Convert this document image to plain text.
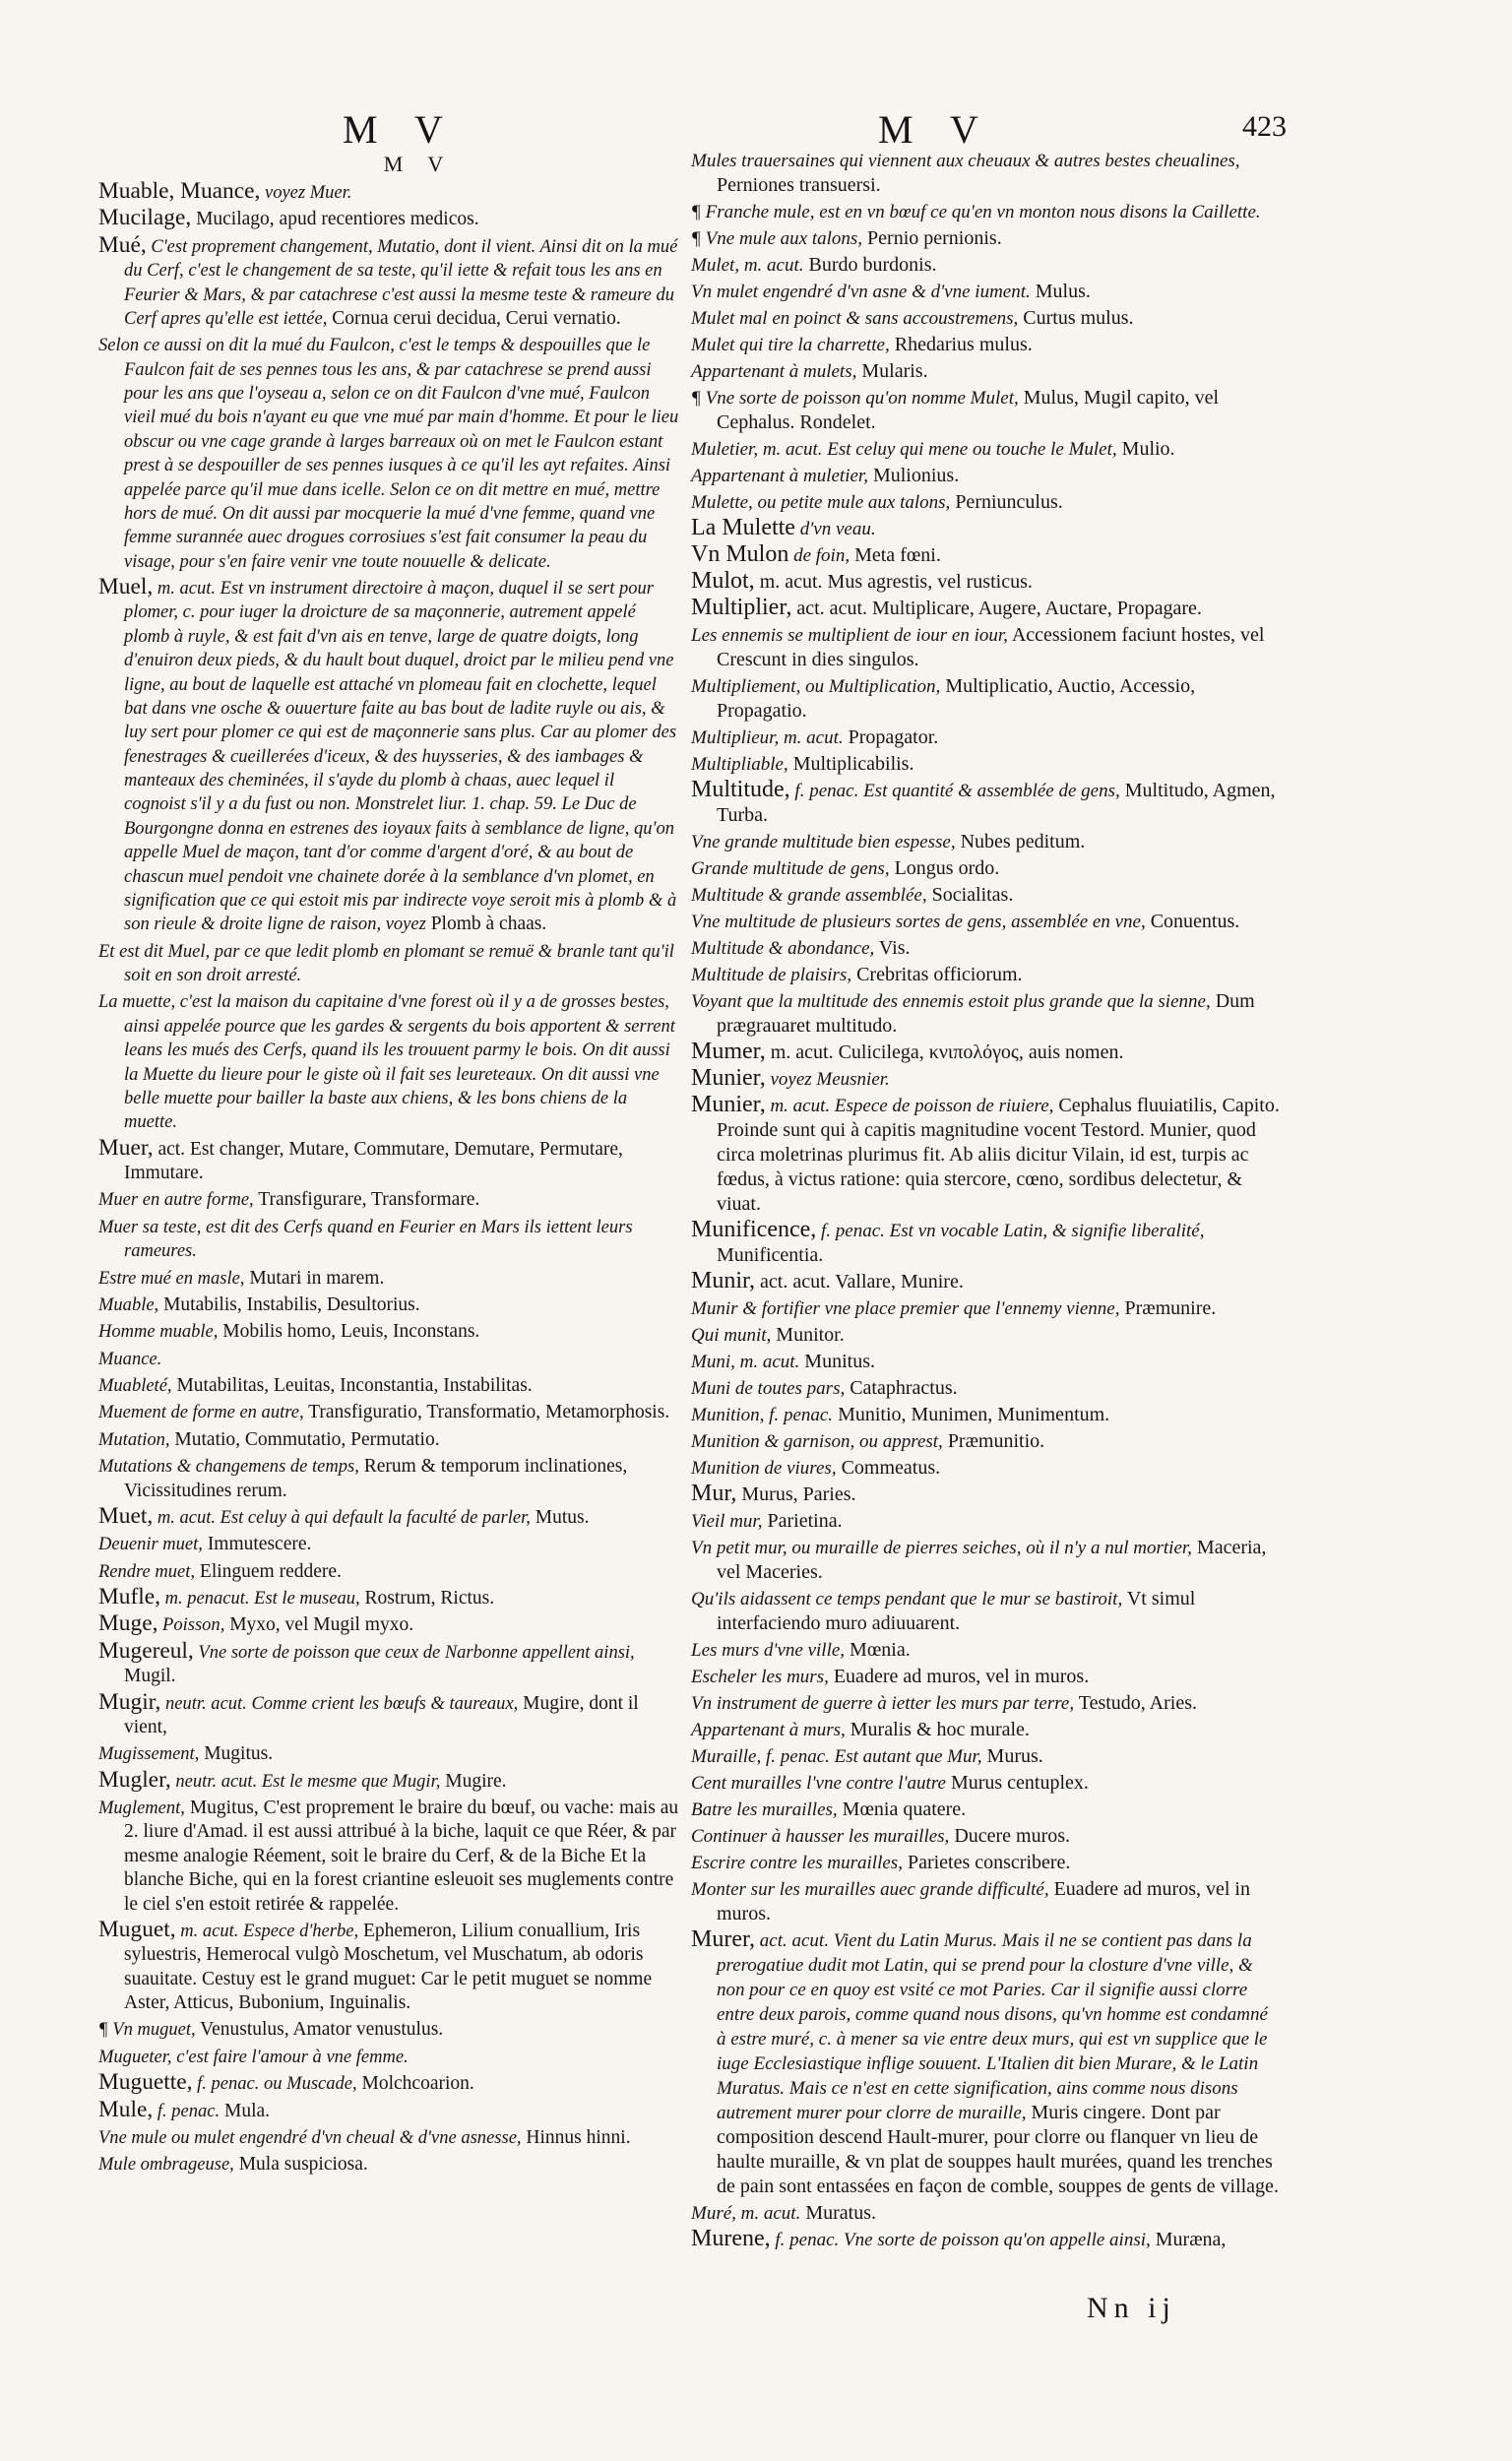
M V	M V	423
M V

Muable, Muance, voyez Muer.

Mucilage, Mucilago, apud recentiores medicos.

Mué, C'est proprement changement, Mutatio, dont il vient. Ainsi dit on la mué du Cerf, c'est le changement de sa teste, qu'il iette & refait tous les ans en Feurier & Mars, & par catachrese c'est aussi la mesme teste & rameure du Cerf apres qu'elle est iettée, Cornua cerui decidua, Cerui vernatio.

Selon ce aussi on dit la mué du Faulcon, c'est le temps & despouilles que le Faulcon fait de ses pennes tous les ans, & par catachrese se prend aussi pour les ans que l'oyseau a, selon ce on dit Faulcon d'vne mué, Faulcon vieil mué du bois n'ayant eu que vne mué par main d'homme. Et pour le lieu obscur ou vne cage grande à larges barreaux où on met le Faulcon estant prest à se despouiller de ses pennes iusques à ce qu'il les ayt refaites. Ainsi appelée parce qu'il mue dans icelle. Selon ce on dit mettre en mué, mettre hors de mué. On dit aussi par mocquerie la mué d'vne femme, quand vne femme surannée auec drogues corrosiues s'est fait consumer la peau du visage, pour s'en faire venir vne toute nouuelle & delicate.

Muel, m. acut. Est vn instrument directoire à maçon, duquel il se sert pour plomer, c. pour iuger la droicture de sa maçonnerie, autrement appelé plomb à ruyle, & est fait d'vn ais en tenve, large de quatre doigts, long d'enuiron deux pieds, & du hault bout duquel, droict par le milieu pend vne ligne, au bout de laquelle est attaché vn plomeau fait en clochette, lequel bat dans vne osche & ouuerture faite au bas bout de ladite ruyle ou ais, & luy sert pour plomer ce qui est de maçonnerie sans plus. Car au plomer des fenestrages & cueillerées d'iceux, & des huysseries, & des iambages & manteaux des cheminées, il s'ayde du plomb à chaas, auec lequel il cognoist s'il y a du fust ou non. Monstrelet liur. 1. chap. 59. Le Duc de Bourgongne donna en estrenes des ioyaux faits à semblance de ligne, qu'on appelle Muel de maçon, tant d'or comme d'argent d'oré, & au bout de chascun muel pendoit vne chainete dorée à la semblance d'vn plomet, en signification que ce qui estoit mis par indirecte voye seroit mis à plomb & à son rieule & droite ligne de raison, voyez Plomb à chaas.

Et est dit Muel, par ce que ledit plomb en plomant se remuë & branle tant qu'il soit en son droit arresté.

La muette, c'est la maison du capitaine d'vne forest où il y a de grosses bestes, ainsi appelée pource que les gardes & sergents du bois apportent & serrent leans les mués des Cerfs, quand ils les trouuent parmy le bois. On dit aussi la Muette du lieure pour le giste où il fait ses leureteaux. On dit aussi vne belle muette pour bailler la baste aux chiens, & les bons chiens de la muette.

Muer, act. Est changer, Mutare, Commutare, Demutare, Permutare, Immutare.

Muer en autre forme, Transfigurare, Transformare.

Muer sa teste, est dit des Cerfs quand en Feurier en Mars ils iettent leurs rameures.

Estre mué en masle, Mutari in marem.

Muable, Mutabilis, Instabilis, Desultorius.

Homme muable, Mobilis homo, Leuis, Inconstans.

Muance.

Muableté, Mutabilitas, Leuitas, Inconstantia, Instabilitas.

Muement de forme en autre, Transfiguratio, Transformatio, Metamorphosis.

Mutation, Mutatio, Commutatio, Permutatio.

Mutations & changemens de temps, Rerum & temporum inclinationes, Vicissitudines rerum.

Muet, m. acut. Est celuy à qui default la faculté de parler, Mutus.

Deuenir muet, Immutescere.

Rendre muet, Elinguem reddere.

Mufle, m. penacut. Est le museau, Rostrum, Rictus.

Muge, Poisson, Myxo, vel Mugil myxo.

Mugereul, Vne sorte de poisson que ceux de Narbonne appellent ainsi, Mugil.

Mugir, neutr. acut. Comme crient les bœufs & taureaux, Mugire, dont il vient,

Mugissement, Mugitus.

Mugler, neutr. acut. Est le mesme que Mugir, Mugire.

Muglement, Mugitus, C'est proprement le braire du bœuf, ou vache: mais au 2. liure d'Amad. il est aussi attribué à la biche, laquit ce que Réer, & par mesme analogie Réement, soit le braire du Cerf, & de la Biche Et la blanche Biche, qui en la forest criantine esleuoit ses muglements contre le ciel s'en estoit retirée & rappelée.

Muguet, m. acut. Espece d'herbe, Ephemeron, Lilium conuallium, Iris syluestris, Hemerocal vulgò Moschetum, vel Muschatum, ab odoris suauitate. Cestuy est le grand muguet: Car le petit muguet se nomme Aster, Atticus, Bubonium, Inguinalis.

¶ Vn muguet, Venustulus, Amator venustulus.

Mugueter, c'est faire l'amour à vne femme.

Muguette, f. penac. ou Muscade, Molchcoarion.

Mule, f. penac. Mula.

Vne mule ou mulet engendré d'vn cheual & d'vne asnesse, Hinnus hinni.

Mule ombrageuse, Mula suspiciosa.

Mules trauersaines qui viennent aux cheuaux & autres bestes cheualines, Perniones transuersi.

¶ Franche mule, est en vn bœuf ce qu'en vn monton nous disons la Caillette.

¶ Vne mule aux talons, Pernio pernionis.

Mulet, m. acut. Burdo burdonis.

Vn mulet engendré d'vn asne & d'vne iument. Mulus.

Mulet mal en poinct & sans accoustremens, Curtus mulus.

Mulet qui tire la charrette, Rhedarius mulus.

Appartenant à mulets, Mularis.

¶ Vne sorte de poisson qu'on nomme Mulet, Mulus, Mugil capito, vel Cephalus. Rondelet.

Muletier, m. acut. Est celuy qui mene ou touche le Mulet, Mulio.

Appartenant à muletier, Mulionius.

Mulette, ou petite mule aux talons, Perniunculus.

La Mulette d'vn veau.

Vn Mulon de foin, Meta fœni.

Mulot, m. acut. Mus agrestis, vel rusticus.

Multiplier, act. acut. Multiplicare, Augere, Auctare, Propagare.

Les ennemis se multiplient de iour en iour, Accessionem faciunt hostes, vel Crescunt in dies singulos.

Multipliement, ou Multiplication, Multiplicatio, Auctio, Accessio, Propagatio.

Multiplieur, m. acut. Propagator.

Multipliable, Multiplicabilis.

Multitude, f. penac. Est quantité & assemblée de gens, Multitudo, Agmen, Turba.

Vne grande multitude bien espesse, Nubes peditum.

Grande multitude de gens, Longus ordo.

Multitude & grande assemblée, Socialitas.

Vne multitude de plusieurs sortes de gens, assemblée en vne, Conuentus.

Multitude & abondance, Vis.

Multitude de plaisirs, Crebritas officiorum.

Voyant que la multitude des ennemis estoit plus grande que la sienne, Dum prægrauaret multitudo.

Mumer, m. acut. Culicilega, κνιπολόγος, auis nomen.

Munier, voyez Meusnier.

Munier, m. acut. Espece de poisson de riuiere, Cephalus fluuiatilis, Capito. Proinde sunt qui à capitis magnitudine vocent Testord. Munier, quod circa moletrinas plurimus fit. Ab aliis dicitur Vilain, id est, turpis ac fœdus, à victus ratione: quia stercore, cœno, sordibus delectetur, & viuat.

Munificence, f. penac. Est vn vocable Latin, & signifie liberalité, Munificentia.

Munir, act. acut. Vallare, Munire.

Munir & fortifier vne place premier que l'ennemy vienne, Præmunire.

Qui munit, Munitor.

Muni, m. acut. Munitus.

Muni de toutes pars, Cataphractus.

Munition, f. penac. Munitio, Munimen, Munimentum.

Munition & garnison, ou apprest, Præmunitio.

Munition de viures, Commeatus.

Mur, Murus, Paries.

Vieil mur, Parietina.

Vn petit mur, ou muraille de pierres seiches, où il n'y a nul mortier, Maceria, vel Maceries.

Qu'ils aidassent ce temps pendant que le mur se bastiroit, Vt simul interfaciendo muro adiuuarent.

Les murs d'vne ville, Mœnia.

Escheler les murs, Euadere ad muros, vel in muros.

Vn instrument de guerre à ietter les murs par terre, Testudo, Aries.

Appartenant à murs, Muralis & hoc murale.

Muraille, f. penac. Est autant que Mur, Murus.

Cent murailles l'vne contre l'autre Murus centuplex.

Batre les murailles, Mœnia quatere.

Continuer à hausser les murailles, Ducere muros.

Escrire contre les murailles, Parietes conscribere.

Monter sur les murailles auec grande difficulté, Euadere ad muros, vel in muros.

Murer, act. acut. Vient du Latin Murus. Mais il ne se contient pas dans la prerogatiue dudit mot Latin, qui se prend pour la closture d'vne ville, & non pour ce en quoy est vsité ce mot Paries. Car il signifie aussi clorre entre deux parois, comme quand nous disons, qu'vn homme est condamné à estre muré, c. à mener sa vie entre deux murs, qui est vn supplice que le iuge Ecclesiastique inflige souuent. L'Italien dit bien Murare, & le Latin Muratus. Mais ce n'est en cette signification, ains comme nous disons autrement murer pour clorre de muraille, Muris cingere. Dont par composition descend Hault-murer, pour clorre ou flanquer vn lieu de haulte muraille, & vn plat de souppes hault murées, quand les trenches de pain sont entassées en façon de comble, souppes de gents de village.

Muré, m. acut. Muratus.

Murene, f. penac. Vne sorte de poisson qu'on appelle ainsi, Muræna,

Nn ij
